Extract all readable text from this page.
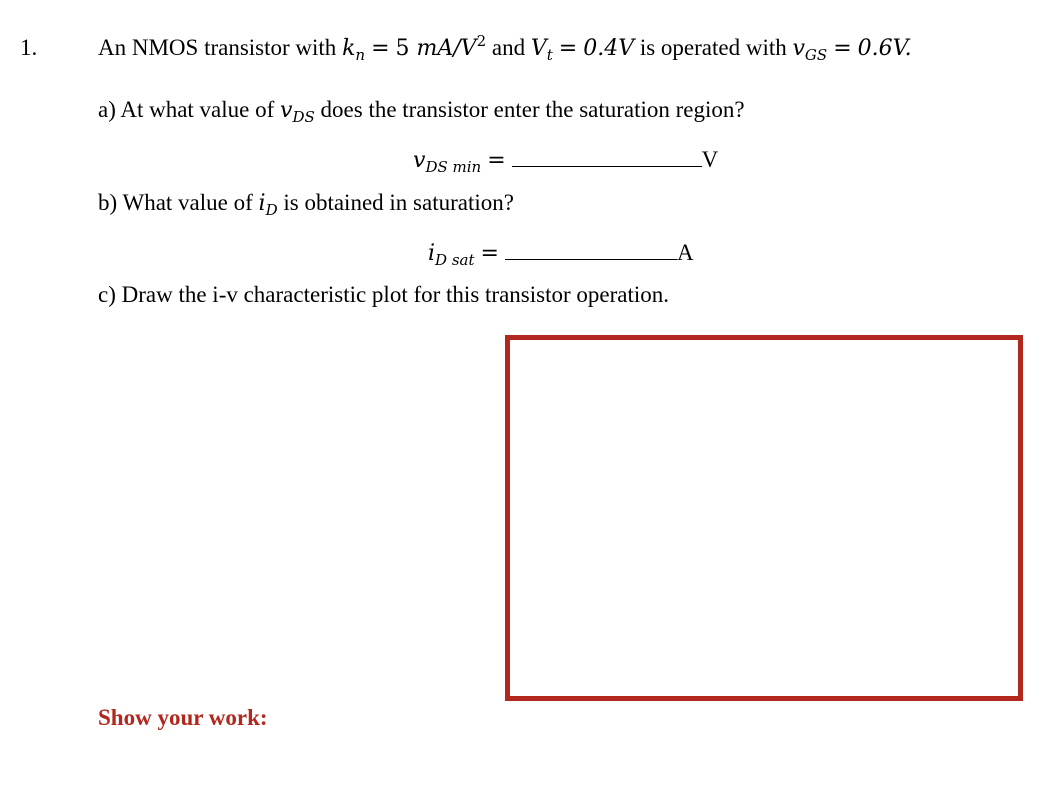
1.	An NMOS transistor with $k_n = 5$ $mA/V^2$ and $V_t = 0.4V$ is operated with $v_{GS} = 0.6V$.
a) At what value of $v_{DS}$ does the transistor enter the saturation region?
$v_{DS min}$ =	V
b) What value of $i_D$ is obtained in saturation?
$i_{D sat}$ =	A
c) Draw the i-v characteristic plot for this transistor operation.
Show your work:
